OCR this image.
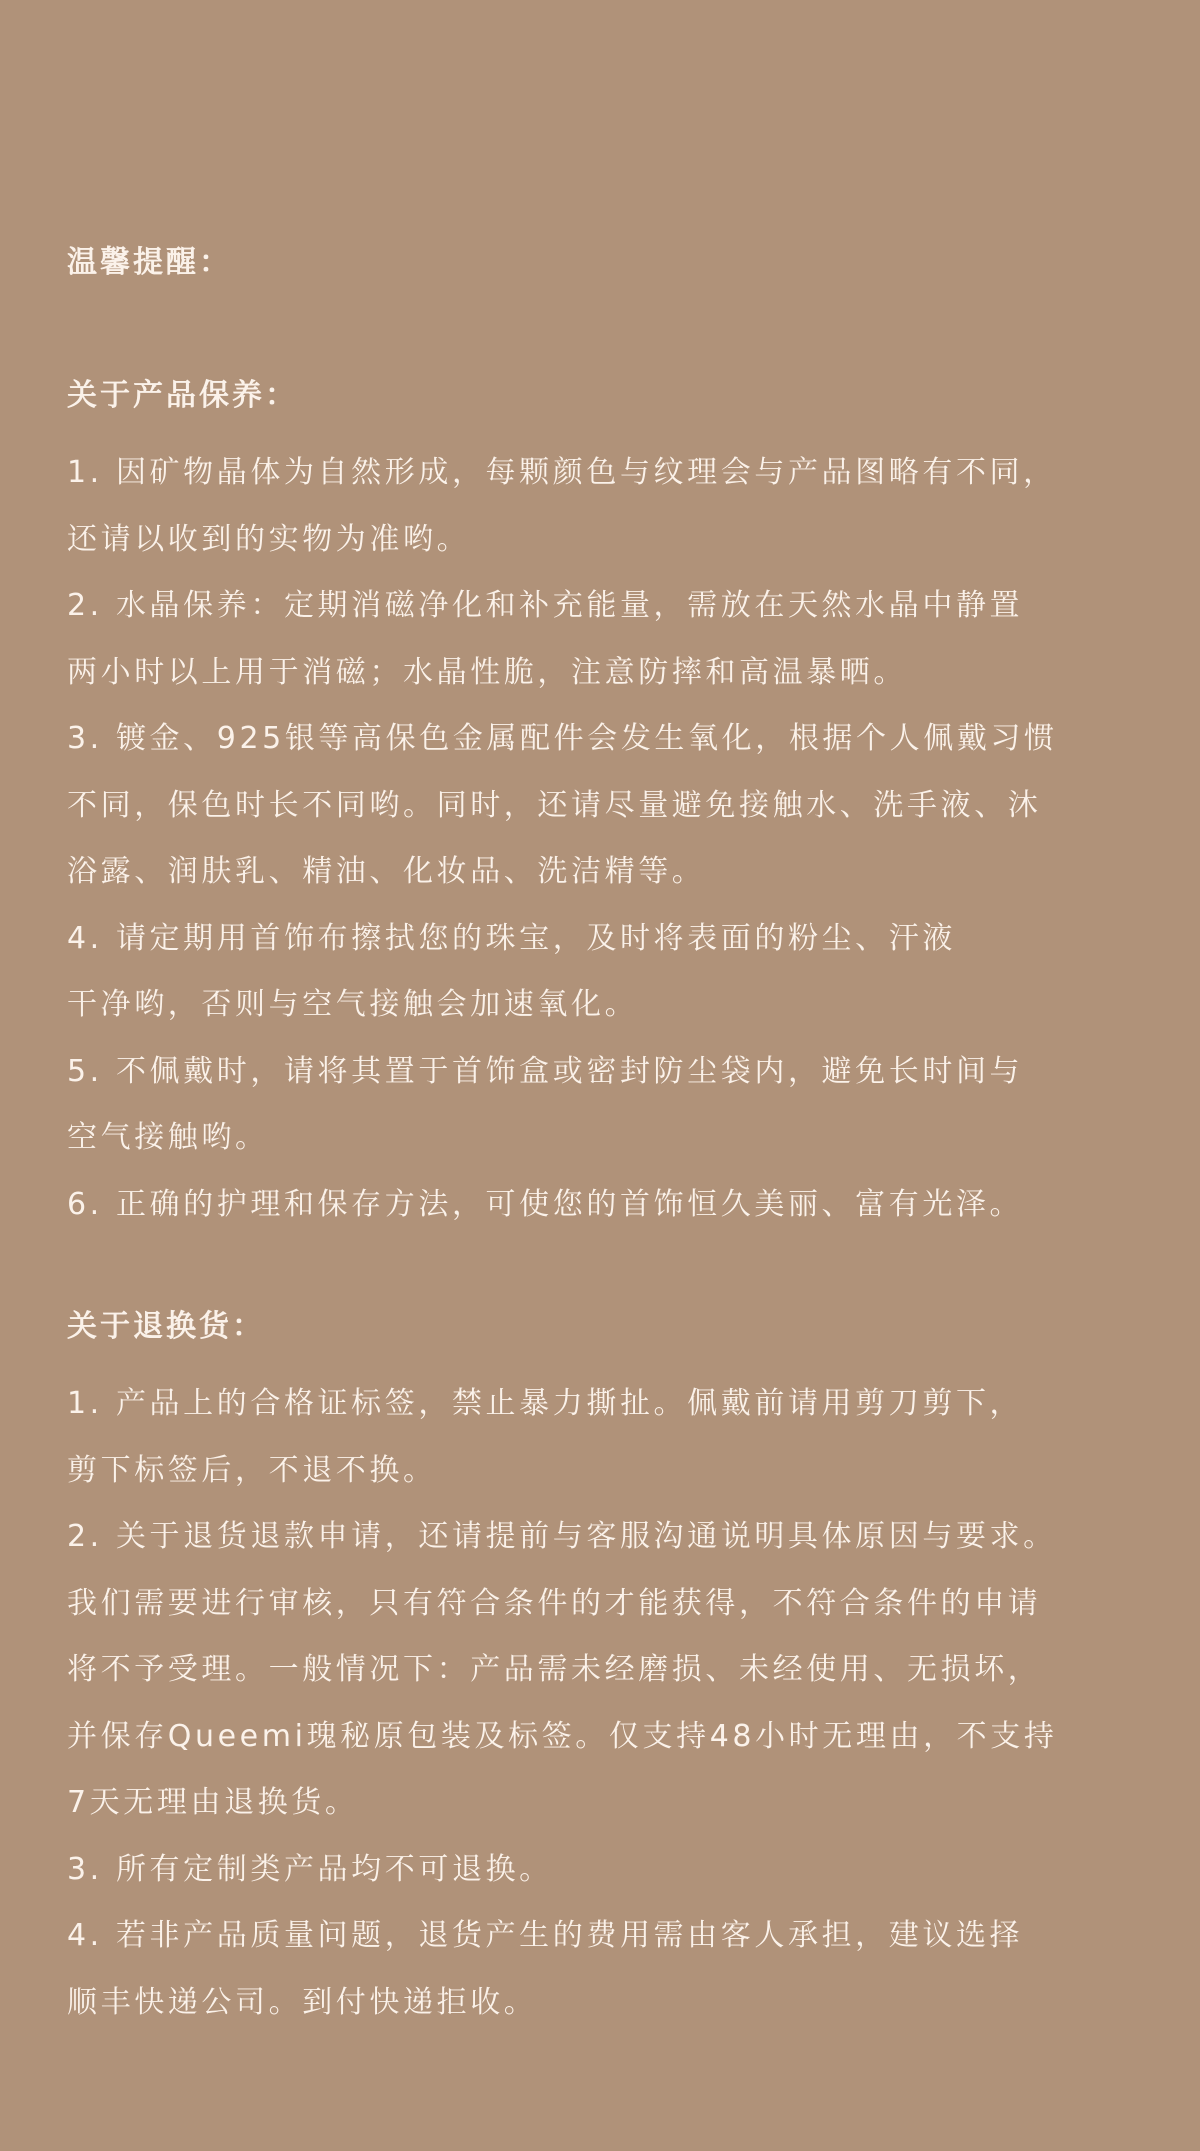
温馨提醒：
关于产品保养：
1. 因矿物晶体为自然形成，每颗颜色与纹理会与产品图略有不同，
还请以收到的实物为准哟。
2. 水晶保养：定期消磁净化和补充能量，需放在天然水晶中静置
两小时以上用于消磁；水晶性脆，注意防摔和高温暴晒。
3. 镀金、925银等高保色金属配件会发生氧化，根据个人佩戴习惯
不同，保色时长不同哟。同时，还请尽量避免接触水、洗手液、沐
浴露、润肤乳、精油、化妆品、洗洁精等。
4. 请定期用首饰布擦拭您的珠宝，及时将表面的粉尘、汗液
干净哟，否则与空气接触会加速氧化。
5. 不佩戴时，请将其置于首饰盒或密封防尘袋内，避免长时间与
空气接触哟。
6. 正确的护理和保存方法，可使您的首饰恒久美丽、富有光泽。
关于退换货：
1. 产品上的合格证标签，禁止暴力撕扯。佩戴前请用剪刀剪下，
剪下标签后，不退不换。
2. 关于退货退款申请，还请提前与客服沟通说明具体原因与要求。
我们需要进行审核，只有符合条件的才能获得，不符合条件的申请
将不予受理。一般情况下：产品需未经磨损、未经使用、无损坏，
并保存Queemi瑰秘原包装及标签。仅支持48小时无理由，不支持
7天无理由退换货。
3. 所有定制类产品均不可退换。
4. 若非产品质量问题，退货产生的费用需由客人承担，建议选择
顺丰快递公司。到付快递拒收。
